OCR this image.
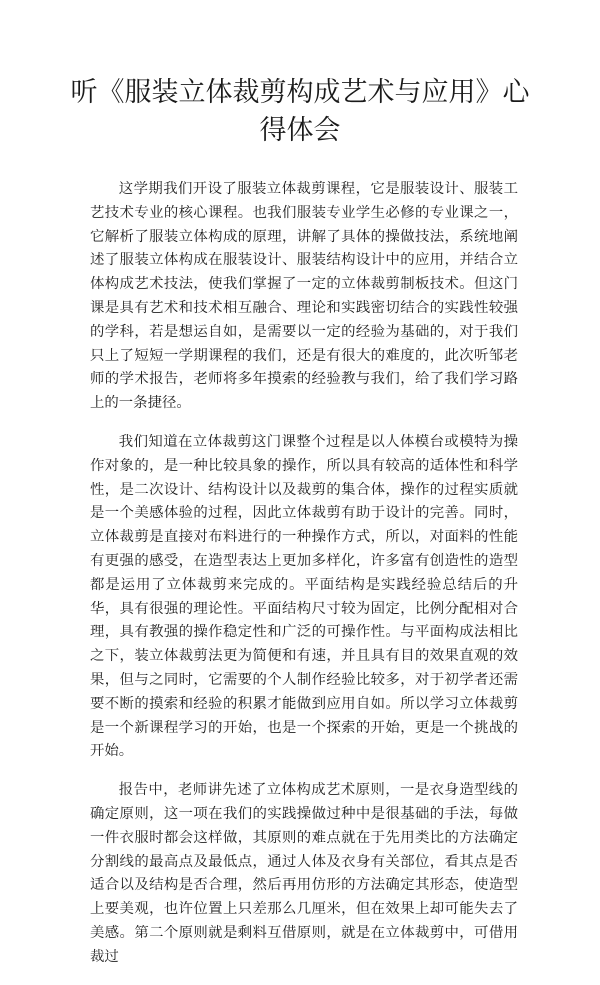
听《服装立体裁剪构成艺术与应用》心得体会

这学期我们开设了服装立体裁剪课程，它是服装设计、服装工艺技术专业的核心课程。也我们服装专业学生必修的专业课之一，它解析了服装立体构成的原理，讲解了具体的操做技法，系统地阐述了服装立体构成在服装设计、服装结构设计中的应用，并结合立体构成艺术技法，使我们掌握了一定的立体裁剪制板技术。但这门课是具有艺术和技术相互融合、理论和实践密切结合的实践性较强的学科，若是想运自如，是需要以一定的经验为基础的，对于我们只上了短短一学期课程的我们，还是有很大的难度的，此次听邹老师的学术报告，老师将多年摸索的经验教与我们，给了我们学习路上的一条捷径。

我们知道在立体裁剪这门课整个过程是以人体模台或模特为操作对象的，是一种比较具象的操作，所以具有较高的适体性和科学性，是二次设计、结构设计以及裁剪的集合体，操作的过程实质就是一个美感体验的过程，因此立体裁剪有助于设计的完善。同时，立体裁剪是直接对布料进行的一种操作方式，所以，对面料的性能有更强的感受，在造型表达上更加多样化，许多富有创造性的造型都是运用了立体裁剪来完成的。平面结构是实践经验总结后的升华，具有很强的理论性。平面结构尺寸较为固定，比例分配相对合理，具有教强的操作稳定性和广泛的可操作性。与平面构成法相比之下，装立体裁剪法更为简便和有速，并且具有目的效果直观的效果，但与之同时，它需要的个人制作经验比较多，对于初学者还需要不断的摸索和经验的积累才能做到应用自如。所以学习立体裁剪是一个新课程学习的开始，也是一个探索的开始，更是一个挑战的开始。

报告中，老师讲先述了立体构成艺术原则，一是衣身造型线的确定原则，这一项在我们的实践操做过种中是很基础的手法，每做一件衣服时都会这样做，其原则的难点就在于先用类比的方法确定分割线的最高点及最低点，通过人体及衣身有关部位，看其点是否适合以及结构是否合理，然后再用仿形的方法确定其形态，使造型上要美观，也许位置上只差那么几厘米，但在效果上却可能失去了美感。第二个原则就是剩料互借原则，就是在立体裁剪中，可借用裁过
